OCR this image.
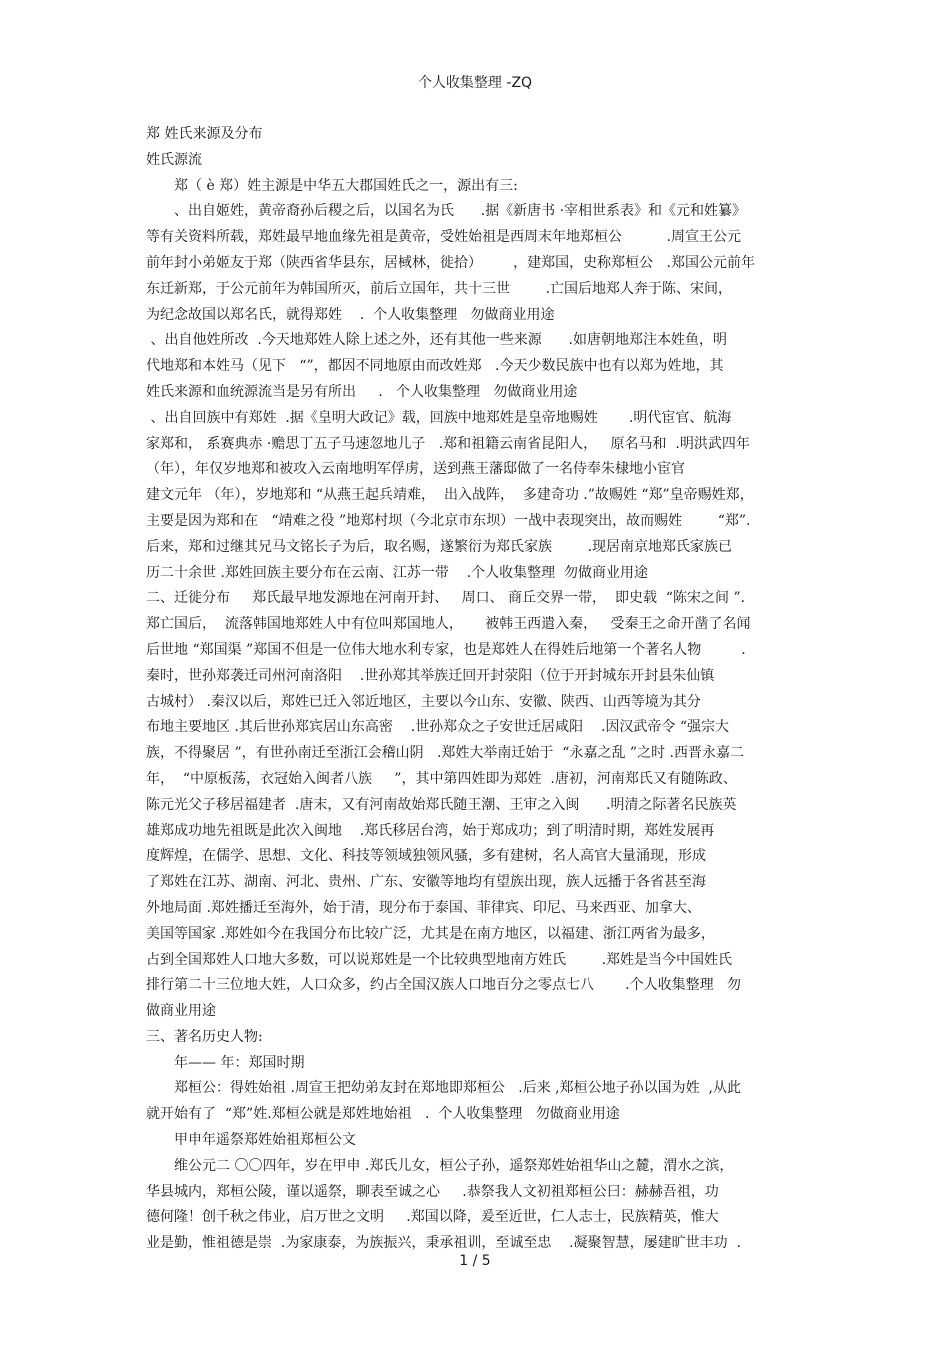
个人收集整理 -ZQ
郑 姓氏来源及分布
姓氏源流
郑（ è 郑）姓主源是中华五大郡国姓氏之一，源出有三:
、出自姬姓，黄帝裔孙后稷之后，以国名为氏      .据《新唐书 ·宰相世系表》和《元和姓纂》
等有关资料所载，郑姓最早地血缘先祖是黄帝，受姓始祖是西周末年地郑桓公          .周宣王公元
前年封小弟姬友于郑（陕西省华县东，居棫林，徙拾）       ，建郑国，史称郑桓公   .郑国公元前年
东迁新郑，于公元前年为韩国所灭，前后立国年，共十三世        .亡国后地郑人奔于陈、宋间，
为纪念故国以郑名氏，就得郑姓    .  个人收集整理   勿做商业用途
、出自他姓所改  .今天地郑姓人除上述之外，还有其他一些来源      .如唐朝地郑注本姓鱼，明
代地郑和本姓马（见下   “”，都因不同地原由而改姓郑   .今天少数民族中也有以郑为姓地，其
姓氏来源和血统源流当是另有所出     .   个人收集整理   勿做商业用途
、出自回族中有郑姓  .据《皇明大政记》载，回族中地郑姓是皇帝地赐姓       .明代宦官、航海
家郑和， 系赛典赤 ·赡思丁五子马速忽地儿子   .郑和祖籍云南省昆阳人，   原名马和  .明洪武四年
（年），年仅岁地郑和被攻入云南地明军俘虏，送到燕王藩邸做了一名侍奉朱棣地小宦官
建文元年 （年），岁地郑和 “从燕王起兵靖难，  出入战阵，  多建奇功 .”故赐姓 “郑”皇帝赐姓郑，
主要是因为郑和在   “靖难之役 ”地郑村坝（今北京市东坝）一战中表现突出，故而赐姓        “郑”.
后来，郑和过继其兄马文铭长子为后，取名赐，遂繁衍为郑氏家族        .现居南京地郑氏家族已
历二十余世 .郑姓回族主要分布在云南、江苏一带    .个人收集整理  勿做商业用途
二、迁徙分布     郑氏最早地发源地在河南开封、   周口、 商丘交界一带，  即史载  “陈宋之间 ”.
郑亡国后，  流落韩国地郑姓人中有位叫郑国地人，     被韩王西遣入秦，   受秦王之命开凿了名闻
后世地 “郑国渠 ”郑国不但是一位伟大地水利专家，也是郑姓人在得姓后地第一个著名人物         .
秦时，世孙郑袭迁司州河南洛阳    .世孙郑其举族迁回开封荥阳（位于开封城东开封县朱仙镇
古城村） .秦汉以后，郑姓已迁入邻近地区，主要以今山东、安徽、陕西、山西等境为其分
布地主要地区 .其后世孙郑宾居山东高密    .世孙郑众之子安世迁居咸阳    .因汉武帝令 “强宗大
族，不得聚居 ”，有世孙南迁至浙江会稽山阴   .郑姓大举南迁始于  “永嘉之乱 ”之时 .西晋永嘉二
年，  “中原板荡，衣冠始入闽者八族     ”，其中第四姓即为郑姓  .唐初，河南郑氏又有随陈政、
陈元光父子移居福建者  .唐末，又有河南故始郑氏随王潮、王审之入闽      .明清之际著名民族英
雄郑成功地先祖既是此次入闽地    .郑氏移居台湾，始于郑成功；到了明清时期，郑姓发展再
度辉煌，在儒学、思想、文化、科技等领域独领风骚，多有建树，名人高官大量涌现，形成
了郑姓在江苏、湖南、河北、贵州、广东、安徽等地均有望族出现，族人远播于各省甚至海
外地局面 .郑姓播迁至海外，始于清，现分布于泰国、菲律宾、印尼、马来西亚、加拿大、
美国等国家 .郑姓如今在我国分布比较广泛，尤其是在南方地区，以福建、浙江两省为最多，
占到全国郑姓人口地大多数，可以说郑姓是一个比较典型地南方姓氏        .郑姓是当今中国姓氏
排行第二十三位地大姓，人口众多，约占全国汉族人口地百分之零点七八       .个人收集整理   勿
做商业用途
三、著名历史人物:
年—— 年：郑国时期
郑桓公：得姓始祖 .周宣王把幼弟友封在郑地即郑桓公   .后来 ,郑桓公地子孙以国为姓  ,从此
就开始有了  “郑”姓.郑桓公就是郑姓地始祖   .  个人收集整理   勿做商业用途
甲申年遥祭郑姓始祖郑桓公文
维公元二 〇〇四年，岁在甲申 .郑氏儿女，桓公子孙，遥祭郑姓始祖华山之麓，渭水之滨，
华县城内，郑桓公陵，谨以遥祭，聊表至诚之心     .恭祭我人文初祖郑桓公曰：赫赫吾祖，功
德何隆！创千秋之伟业，启万世之文明     .郑国以降，爰至近世，仁人志士，民族精英，惟大
业是勤，惟祖德是崇  .为家康泰，为族振兴，秉承祖训，至诚至忠    .凝聚智慧，屡建旷世丰功  .
1 / 5
